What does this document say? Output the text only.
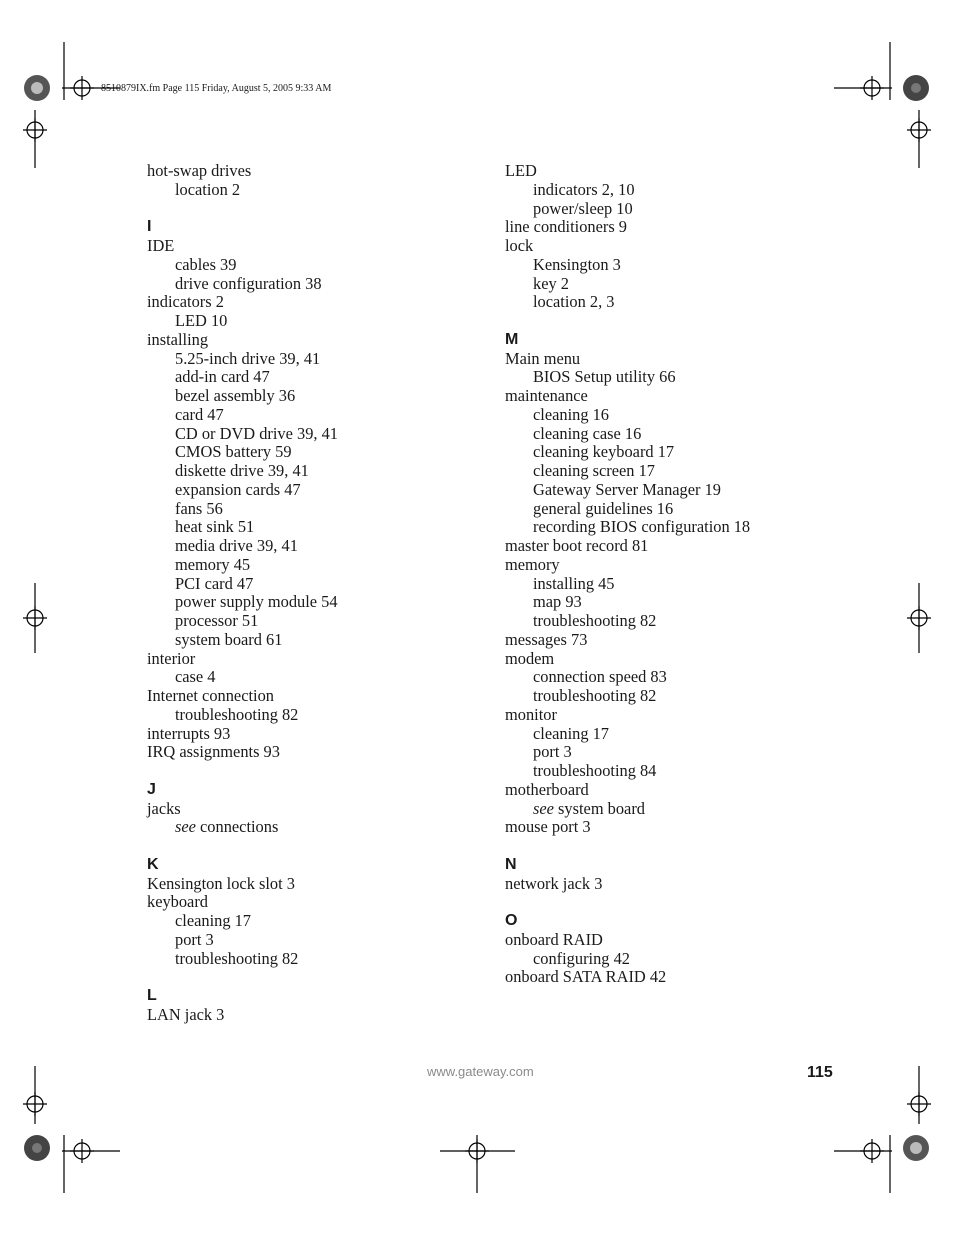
8510879IX.fm Page 115 Friday, August 5, 2005 9:33 AM
hot-swap drives
location 2
I
IDE
cables 39
drive configuration 38
indicators 2
LED 10
installing
5.25-inch drive 39, 41
add-in card 47
bezel assembly 36
card 47
CD or DVD drive 39, 41
CMOS battery 59
diskette drive 39, 41
expansion cards 47
fans 56
heat sink 51
media drive 39, 41
memory 45
PCI card 47
power supply module 54
processor 51
system board 61
interior
case 4
Internet connection
troubleshooting 82
interrupts 93
IRQ assignments 93
J
jacks
see connections
K
Kensington lock slot 3
keyboard
cleaning 17
port 3
troubleshooting 82
L
LAN jack 3
LED
indicators 2, 10
power/sleep 10
line conditioners 9
lock
Kensington 3
key 2
location 2, 3
M
Main menu
BIOS Setup utility 66
maintenance
cleaning 16
cleaning case 16
cleaning keyboard 17
cleaning screen 17
Gateway Server Manager 19
general guidelines 16
recording BIOS configuration 18
master boot record 81
memory
installing 45
map 93
troubleshooting 82
messages 73
modem
connection speed 83
troubleshooting 82
monitor
cleaning 17
port 3
troubleshooting 84
motherboard
see system board
mouse port 3
N
network jack 3
O
onboard RAID
configuring 42
onboard SATA RAID 42
www.gateway.com	115
